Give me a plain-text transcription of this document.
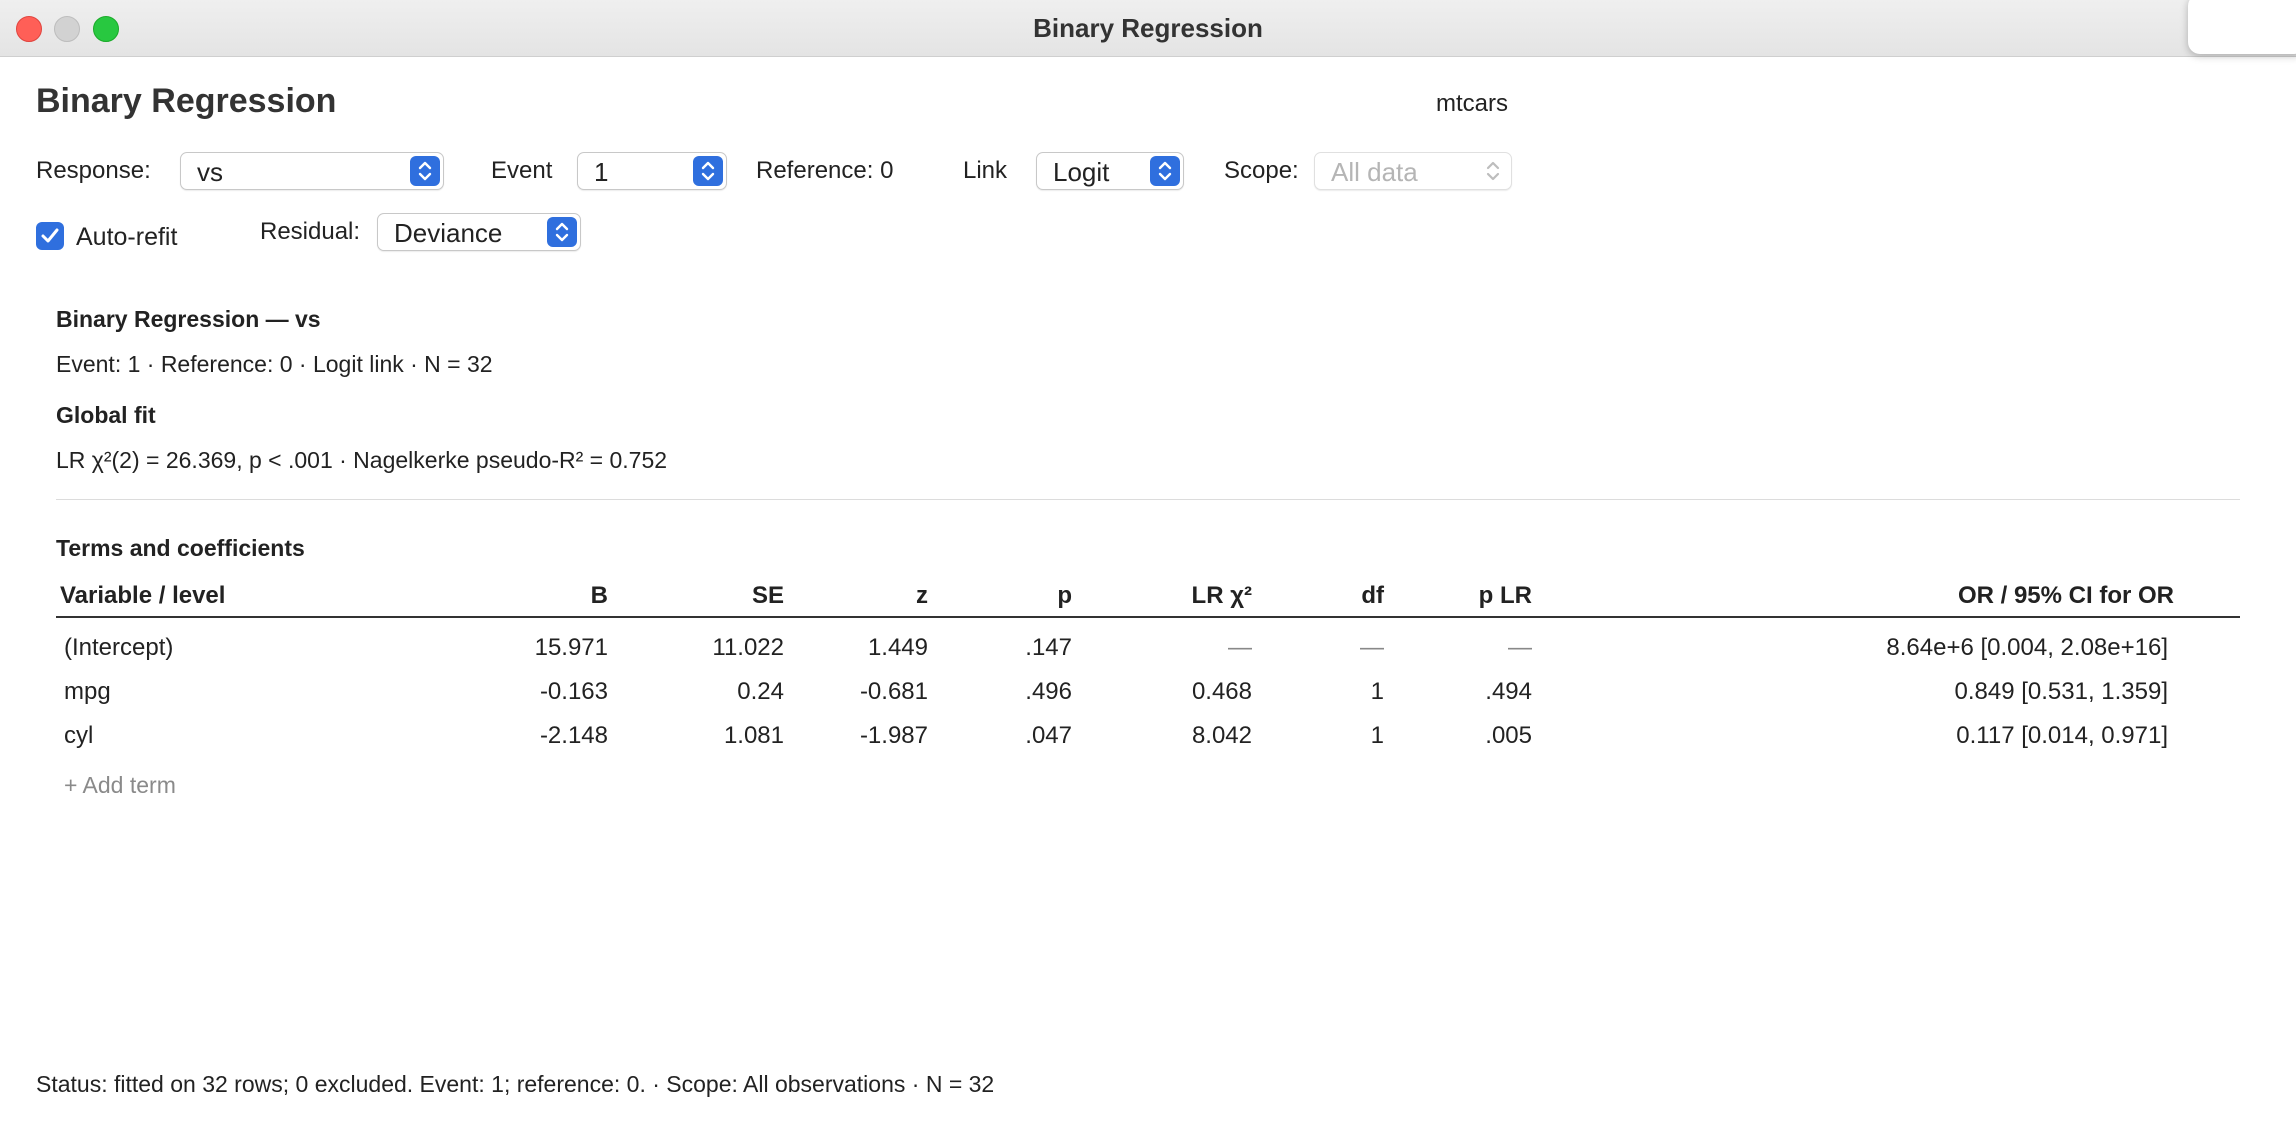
Binary Regression
Binary Regression	mtcars
Response: vs	Event 1	Reference: 0	Link Logit	Scope: All data
Auto-refit	Residual: Deviance
Binary Regression — vs
Event: 1 · Reference: 0 · Logit link · N = 32
Global fit
LR χ²(2) = 26.369, p < .001 · Nagelkerke pseudo-R² = 0.752
Terms and coefficients
Variable / level	B	SE	z	p	LR χ²	df	p LR	OR / 95% CI for OR
(Intercept)	15.971	11.022	1.449	.147	—	—	—	8.64e+6 [0.004, 2.08e+16]
mpg	-0.163	0.24	-0.681	.496	0.468	1	.494	0.849 [0.531, 1.359]
cyl	-2.148	1.081	-1.987	.047	8.042	1	.005	0.117 [0.014, 0.971]
+ Add term
Status: fitted on 32 rows; 0 excluded. Event: 1; reference: 0. · Scope: All observations · N = 32
